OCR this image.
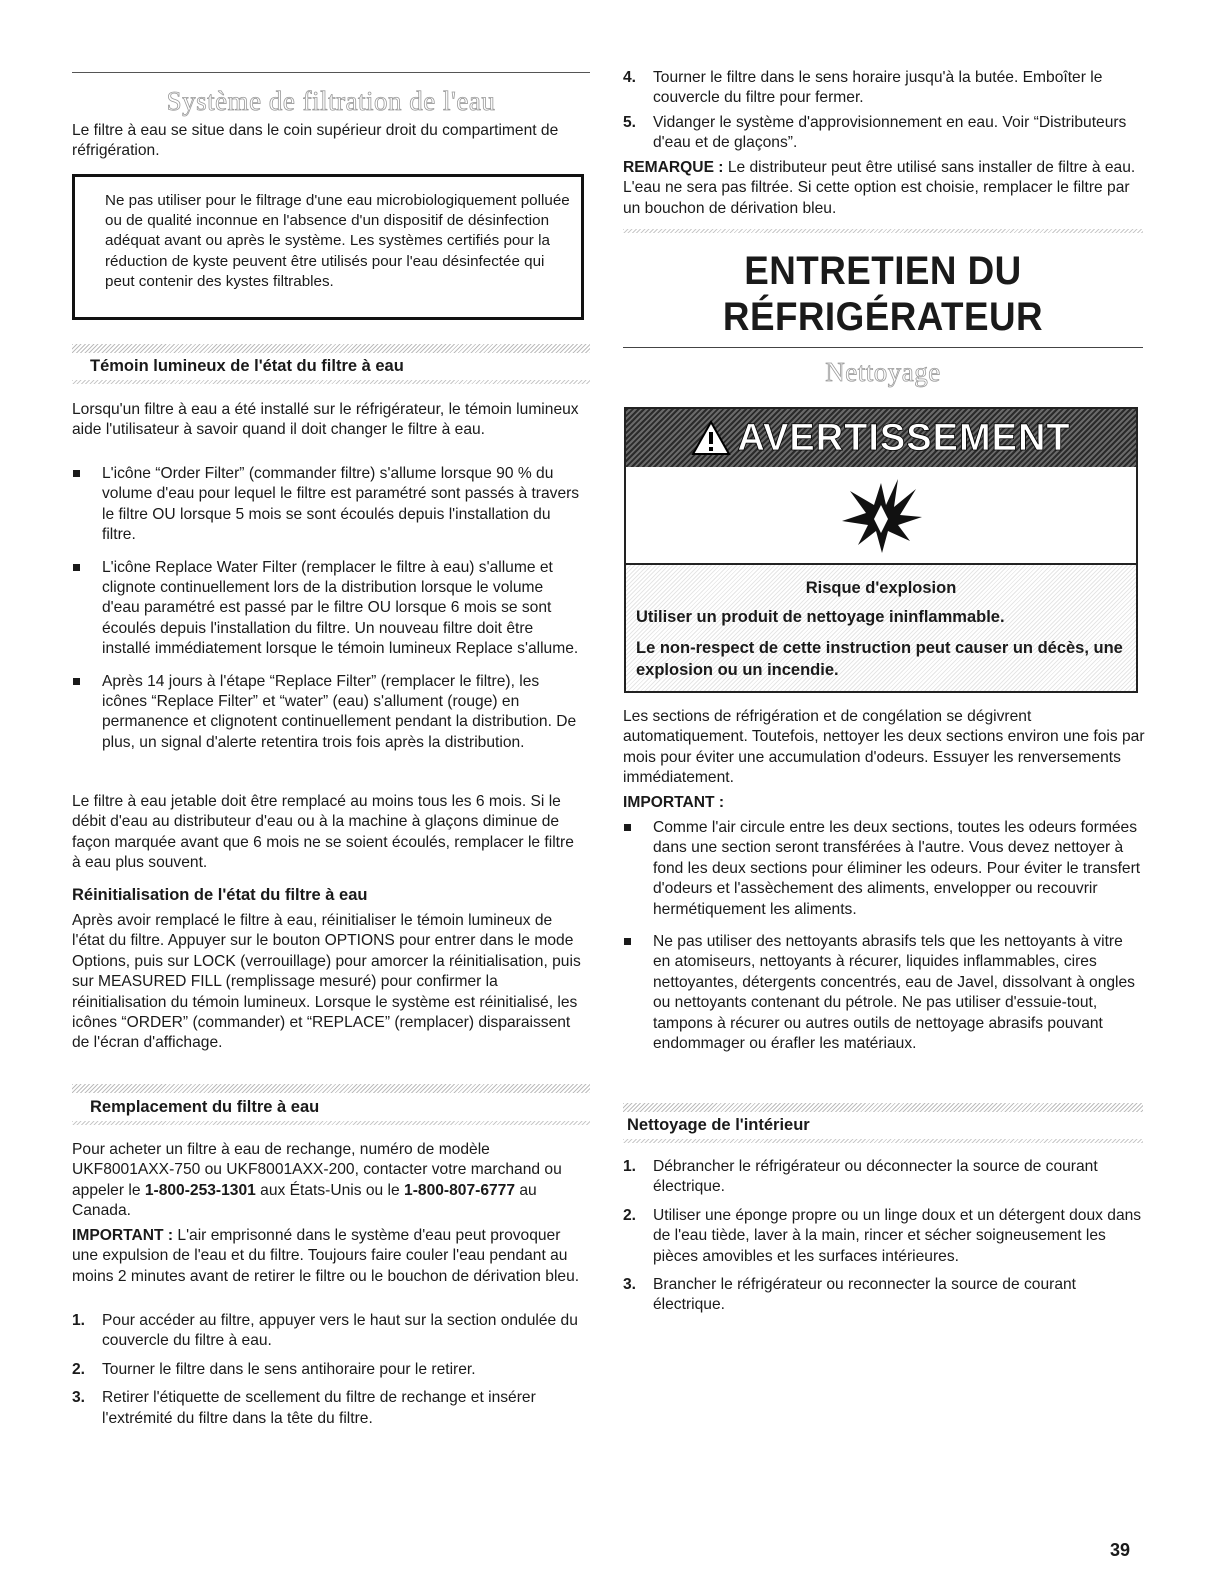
Système de filtration de l'eau

Le filtre à eau se situe dans le coin supérieur droit du compartiment de réfrigération.

Ne pas utiliser pour le filtrage d'une eau microbiologiquement polluée ou de qualité inconnue en l'absence d'un dispositif de désinfection adéquat avant ou après le système. Les systèmes certifiés pour la réduction de kyste peuvent être utilisés pour l'eau désinfectée qui peut contenir des kystes filtrables.

Témoin lumineux de l'état du filtre à eau

Lorsqu'un filtre à eau a été installé sur le réfrigérateur, le témoin lumineux aide l'utilisateur à savoir quand il doit changer le filtre à eau.

L'icône “Order Filter” (commander filtre) s'allume lorsque 90 % du volume d'eau pour lequel le filtre est paramétré sont passés à travers le filtre OU lorsque 5 mois se sont écoulés depuis l'installation du filtre.
L'icône Replace Water Filter (remplacer le filtre à eau) s'allume et clignote continuellement lors de la distribution lorsque le volume d'eau paramétré est passé par le filtre OU lorsque 6 mois se sont écoulés depuis l'installation du filtre. Un nouveau filtre doit être installé immédiatement lorsque le témoin lumineux Replace s'allume.
Après 14 jours à l'étape “Replace Filter” (remplacer le filtre), les icônes “Replace Filter” et “water” (eau) s'allument (rouge) en permanence et clignotent continuellement pendant la distribution. De plus, un signal d'alerte retentira trois fois après la distribution.

Le filtre à eau jetable doit être remplacé au moins tous les 6 mois. Si le débit d'eau au distributeur d'eau ou à la machine à glaçons diminue de façon marquée avant que 6 mois ne se soient écoulés, remplacer le filtre à eau plus souvent.

Réinitialisation de l'état du filtre à eau

Après avoir remplacé le filtre à eau, réinitialiser le témoin lumineux de l'état du filtre. Appuyer sur le bouton OPTIONS pour entrer dans le mode Options, puis sur LOCK (verrouillage) pour amorcer la réinitialisation, puis sur MEASURED FILL (remplissage mesuré) pour confirmer la réinitialisation du témoin lumineux. Lorsque le système est réinitialisé, les icônes “ORDER” (commander) et “REPLACE” (remplacer) disparaissent de l'écran d'affichage.

Remplacement du filtre à eau

Pour acheter un filtre à eau de rechange, numéro de modèle UKF8001AXX-750 ou UKF8001AXX-200, contacter votre marchand ou appeler le 1-800-253-1301 aux États-Unis ou le 1-800-807-6777 au Canada.

IMPORTANT : L'air emprisonné dans le système d'eau peut provoquer une expulsion de l'eau et du filtre. Toujours faire couler l'eau pendant au moins 2 minutes avant de retirer le filtre ou le bouchon de dérivation bleu.

1. Pour accéder au filtre, appuyer vers le haut sur la section ondulée du couvercle du filtre à eau.
2. Tourner le filtre dans le sens antihoraire pour le retirer.
3. Retirer l'étiquette de scellement du filtre de rechange et insérer l'extrémité du filtre dans la tête du filtre.
4. Tourner le filtre dans le sens horaire jusqu'à la butée. Emboîter le couvercle du filtre pour fermer.
5. Vidanger le système d'approvisionnement en eau. Voir “Distributeurs d'eau et de glaçons”.

REMARQUE : Le distributeur peut être utilisé sans installer de filtre à eau. L'eau ne sera pas filtrée. Si cette option est choisie, remplacer le filtre par un bouchon de dérivation bleu.

ENTRETIEN DU
RÉFRIGÉRATEUR
Nettoyage
AVERTISSEMENT
Risque d'explosion

Utiliser un produit de nettoyage ininflammable.

Le non-respect de cette instruction peut causer un décès, une explosion ou un incendie.

Les sections de réfrigération et de congélation se dégivrent automatiquement. Toutefois, nettoyer les deux sections environ une fois par mois pour éviter une accumulation d'odeurs. Essuyer les renversements immédiatement.

IMPORTANT :

Comme l'air circule entre les deux sections, toutes les odeurs formées dans une section seront transférées à l'autre. Vous devez nettoyer à fond les deux sections pour éliminer les odeurs. Pour éviter le transfert d'odeurs et l'assèchement des aliments, envelopper ou recouvrir hermétiquement les aliments.
Ne pas utiliser des nettoyants abrasifs tels que les nettoyants à vitre en atomiseurs, nettoyants à récurer, liquides inflammables, cires nettoyantes, détergents concentrés, eau de Javel, dissolvant à ongles ou nettoyants contenant du pétrole. Ne pas utiliser d'essuie-tout, tampons à récurer ou autres outils de nettoyage abrasifs pouvant endommager ou érafler les matériaux.
Nettoyage de l'intérieur
1. Débrancher le réfrigérateur ou déconnecter la source de courant électrique.
2. Utiliser une éponge propre ou un linge doux et un détergent doux dans de l'eau tiède, laver à la main, rincer et sécher soigneusement les pièces amovibles et les surfaces intérieures.
3. Brancher le réfrigérateur ou reconnecter la source de courant électrique.
39
